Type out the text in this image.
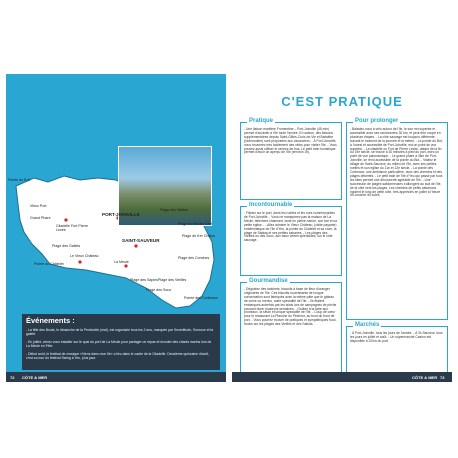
Pointe du But
Vieux Port
Grand Phare
Citadelle Fort Pierre Levée
PORT-JOINVILLE
SAINT-SAUVEUR
Plage des Sabias
Plage du Marais Salé
Plage de Ker Chalon
Plage des Conches
Plage des Vieilles
Plage des Sapins
Plage des Soux
Le Vieux Château
Pointe du Châtelet
Plage des Gallets
La Meule
Pointe des Corbeaux
Événements :
- La fête des Bouts, le dimanche de la Pentecôte (mai), est organisée tous les 2 ans, marquée par l'incertitude, l'humour et la gaieté.
- En juillet, venez vous installer sur le quai du port de La Meule pour partager un repas et écouter des chants marins lors de La Meule en Fête.
- Début août, le festival de musique «Viens dans mon île» a lieu dans le cadre de la Citadelle. Deuxième quinzaine d'août, c'est au tour du festival Swing à Yeu, plus jazz.
72 CÔTE & MER
C'EST PRATIQUE
Pratique
- Une liaison maritime Fromentine – Port-Joinville (45 min) permet d'accéder à l'île toute l'année. En saison, des liaisons supplémentaires depuis Saint-Gilles-Croix-de-Vie et Barbâtre (Noirmoutier) sont proposées aux vacanciers. - À Port-Joinville, vous trouverez très facilement des vélos pour visiter l'île. - Vous pouvez aussi utiliser le service de bus. Le petit train touristique permet d'avoir un aperçu de l'île (environ 1h).
Incontournable
- Flânez sur le port, dans les ruelles et les rues commerçantes de Port-Joinville. - Vous ne manquerez pas la maison de La Meule, tellement charmant, isolé en pleine nature, son bar et sa petite église... - Allez admirer le Vieux Château, (visite payante) emblématique de l'île d'Yeu, la pointe du Châtelet et sa croix, la plage de Sabias et ses petites cabanes. - Les plages des Vieilles ou des Soux, aux eaux vertes splendides, sur le côte sauvage.
Gourmandise
- Dégustez des batchets, biscuits à base de fleur d'oranger originaires de l'île. Ces biscuits nourrissants de longue conservation sont fabriqués avec la même pâte que le gâteau de curvé ou merico, autre spécialité de l'île. - Ils étaient embarqués autrefois par les islais lors de campagnes de pêche pouvant durer plusieurs semaines. - Goûtez à la tarte aux pruneaux, la seule et unique spécialité de l'île. - Coup de cœur pour le restaurant La Planche du Pêcheur, au bout du front de port. - Vous pourrez trouver de pratiques et sympathiques food-trucks sur les plages des Vieilles et des Sabias.
Pour prolonger
- Baladez-vous à vélo autour de l'île, le tour est superbe et accessible avec ses randonnées 30 km, et peut être coupé en plusieurs étapes. - La côte sauvage est toujours différente, suivant le moment de la journée et la météo. - La pointe du But, à l'ouest et accessible de Port-Joinville, est un point de vue superbe. - La citadelle ou Fort de Pierre Levée, datant de la fin du 19e siècle, se trouve à 30 minutes à pied du port, avec un point de vue panoramique. - Le grand phare à 3km de Port-Joinville, se rend accessible de la pointe du But. - Visitez le village de Saint-Sauveur, au milieu de l'île, avec ses petites ruelles et son église du 11e et 12e siècle. - La pointe des Corbeaux, une ambiance particulière, avec des chemins et des plages désertes. - Le petit train de l'île d'Yeu qui passe par tous les sites permet une découverte agréable de l'île. - Une succession de plages sablonneuses s'allongent au sud de l'île, de la côte vers les plages. Les chemins de petits cabanons rigolent le long de cette côte, très appréciés en juillet à l'heure du coucher du soleil.
Marchés
- À Port-Joinville, tous les jours de l'année. - À St-Sauveur, tous les jours en juillet et août. - Un supermarché Casino est disponible à 200m du port.
CÔTE & MER 73
